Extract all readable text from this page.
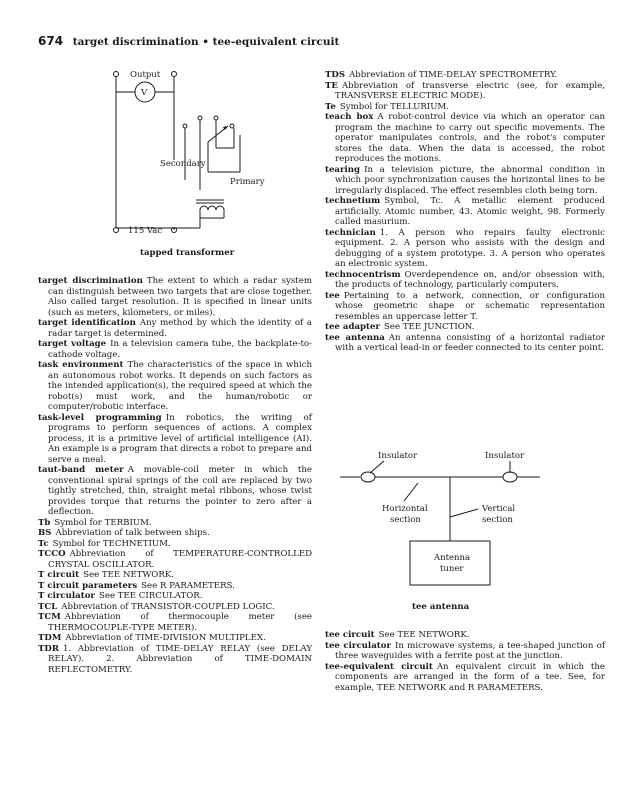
674 target discrimination • tee-equivalent circuit
Output
V
Secondary
Primary
115 Vac
tapped transformer

target discrimination The extent to which a radar system can distinguish between two targets that are close together. Also called target resolution. It is specified in linear units (such as meters, kilometers, or miles).

target identification Any method by which the identity of a radar target is determined.

target voltage In a television camera tube, the backplate-to-cathode voltage.

task environment The characteristics of the space in which an autonomous robot works. It depends on such factors as the intended application(s), the required speed at which the robot(s) must work, and the human/robotic or computer/robotic interface.

task-level programming In robotics, the writing of programs to perform sequences of actions. A complex process, it is a primitive level of artificial intelligence (AI). An example is a program that directs a robot to prepare and serve a meal.

taut-band meter A movable-coil meter in which the conventional spiral springs of the coil are replaced by two tightly stretched, thin, straight metal ribbons, whose twist provides torque that returns the pointer to zero after a deflection.

Tb Symbol for TERBIUM.

BS Abbreviation of talk between ships.

Tc Symbol for TECHNETIUM.

TCCO Abbreviation of TEMPERATURE-CONTROLLED CRYSTAL OSCILLATOR.

T circuit See TEE NETWORK.

T circuit parameters See R PARAMETERS.

T circulator See TEE CIRCULATOR.

TCL Abbreviation of TRANSISTOR-COUPLED LOGIC.

TCM Abbreviation of thermocouple meter (see THERMOCOUPLE-TYPE METER).

TDM Abbreviation of TIME-DIVISION MULTIPLEX.

TDR 1. Abbreviation of TIME-DELAY RELAY (see DELAY RELAY). 2. Abbreviation of TIME-DOMAIN REFLECTOMETRY.

TDS Abbreviation of TIME-DELAY SPECTROMETRY.

TE Abbreviation of transverse electric (see, for example, TRANSVERSE ELECTRIC MODE).

Te Symbol for TELLURIUM.

teach box A robot-control device via which an operator can program the machine to carry out specific movements. The operator manipulates controls, and the robot's computer stores the data. When the data is accessed, the robot reproduces the motions.

tearing In a television picture, the abnormal condition in which poor synchronization causes the horizontal lines to be irregularly displaced. The effect resembles cloth being torn.

technetium Symbol, Tc. A metallic element produced artificially. Atomic number, 43. Atomic weight, 98. Formerly called masurium.

technician 1. A person who repairs faulty electronic equipment. 2. A person who assists with the design and debugging of a system prototype. 3. A person who operates an electronic system.

technocentrism Overdependence on, and/or obsession with, the products of technology, particularly computers.

tee Pertaining to a network, connection, or configuration whose geometric shape or schematic representation resembles an uppercase letter T.

tee adapter See TEE JUNCTION.

tee antenna An antenna consisting of a horizontal radiator with a vertical lead-in or feeder connected to its center point.

Insulator	Insulator
Horizontal
section
Vertical
section
Antenna
tuner
tee antenna

tee circuit See TEE NETWORK.

tee circulator In microwave systems, a tee-shaped junction of three waveguides with a ferrite post at the junction.

tee-equivalent circuit An equivalent circuit in which the components are arranged in the form of a tee. See, for example, TEE NETWORK and R PARAMETERS.
